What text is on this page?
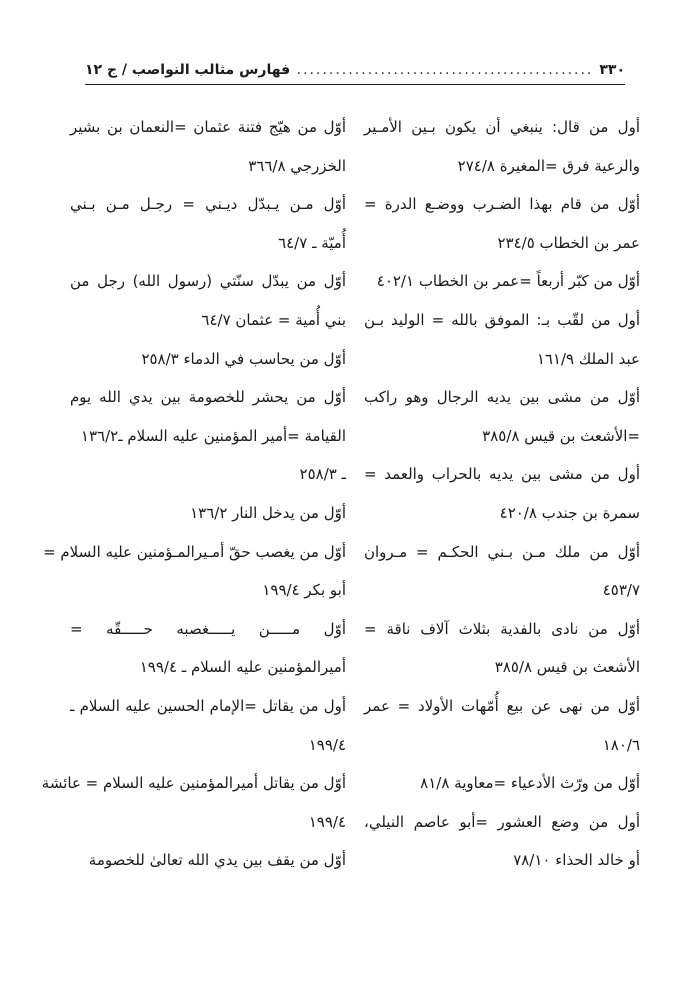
٣٣٠
.....
فهارس مثالب النواصب / ج ١٢
أول من قال: ينبغي أن يكون بـين الأمـير
والرعية فرق =المغيرة ٢٧٤/٨
أوّل من قام بهذا الضـرب ووضـع الدرة =
عمر بن الخطاب ٢٣٤/٥
أوّل من كبّر أربعاً =عمر بن الخطاب ٤٠٢/١
أول من لقّب بـ: الموفق بالله = الوليد بـن
عبد الملك ١٦١/٩
أوّل من مشى بين يديه الرجال وهو راكب
=الأشعث بن قيس ٣٨٥/٨
أول من مشى بين يديه بالحراب والعمد =
سمرة بن جندب ٤٢٠/٨
أوّل من ملك مـن بـني الحكـم = مـروان
٤٥٣/٧
أوّل من نادى بالفدية بثلاث آلاف ناقة =
الأشعث بن قيس ٣٨٥/٨
أوّل من نهى عن بيع أُمّهات الأولاد = عمر
١٨٠/٦
أوّل من ورّث الأدعياء =معاوية ٨١/٨
أول من وضع العشور =أبو عاصم النيلي،
أو خالد الحذاء ٧٨/١٠
أوّل من هيّج فتنة عثمان =النعمان بن بشير
الخزرجي ٣٦٦/٨
أوّل مـن يـبدّل ديـني = رجـل مـن بـني
أُميّة ـ ٦٤/٧
أوّل من يبدّل سنّتي (رسول الله) رجل من
بني أُمية = عثمان ٦٤/٧
أوّل من يحاسب في الدماء ٢٥٨/٣
أوّل من يحشر للخصومة بين يدي الله يوم
القيامة =أمير المؤمنين عليه السلام ـ١٣٦/٢
ـ ٢٥٨/٣
أوّل من يدخل النار ١٣٦/٢
أوّل من يغصب حقّ أمـيرالمـؤمنين عليه السلام =
أبو بكر ١٩٩/٤
أوّل مـــــن يـــــغصبه حـــــقّه =
أميرالمؤمنين عليه السلام ـ ١٩٩/٤
أول من يقاتل =الإمام الحسين عليه السلام ـ
١٩٩/٤
أوّل من يقاتل أميرالمؤمنين عليه السلام = عائشة
١٩٩/٤
أوّل من يقف بين يدي الله تعالىٰ للخصومة
